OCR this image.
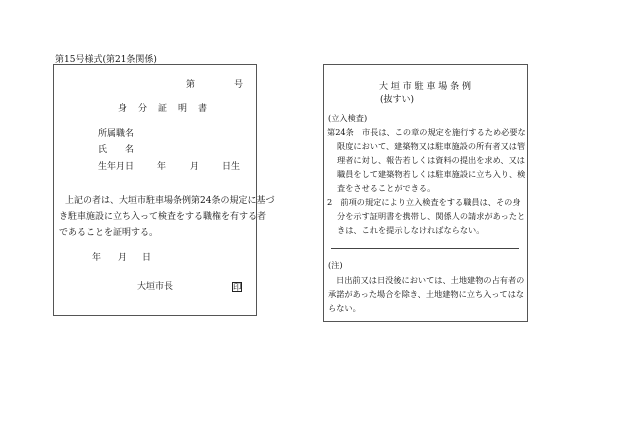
第15号様式(第21条関係)
第	号
身　分　証　明　書
所属職名
氏　　名
生年月日	年	月	日生
上記の者は、大垣市駐車場条例第24条の規定に基づ
き駐車施設に立ち入って検査をする職権を有する者
であることを証明する。
年 月 日
大垣市長	印
大 垣 市 駐 車 場 条 例
(抜すい)
(立入検査)
第24条　市長は、この章の規定を施行するため必要な
限度において、建築物又は駐車施設の所有者又は管
理者に対し、報告若しくは資料の提出を求め、又は
職員をして建築物若しくは駐車施設に立ち入り、検
査をさせることができる。
2　前項の規定により立入検査をする職員は、その身
分を示す証明書を携帯し、関係人の請求があったと
きは、これを提示しなければならない。
(注)
日出前又は日没後においては、土地建物の占有者の
承諾があった場合を除き、土地建物に立ち入ってはな
らない。
